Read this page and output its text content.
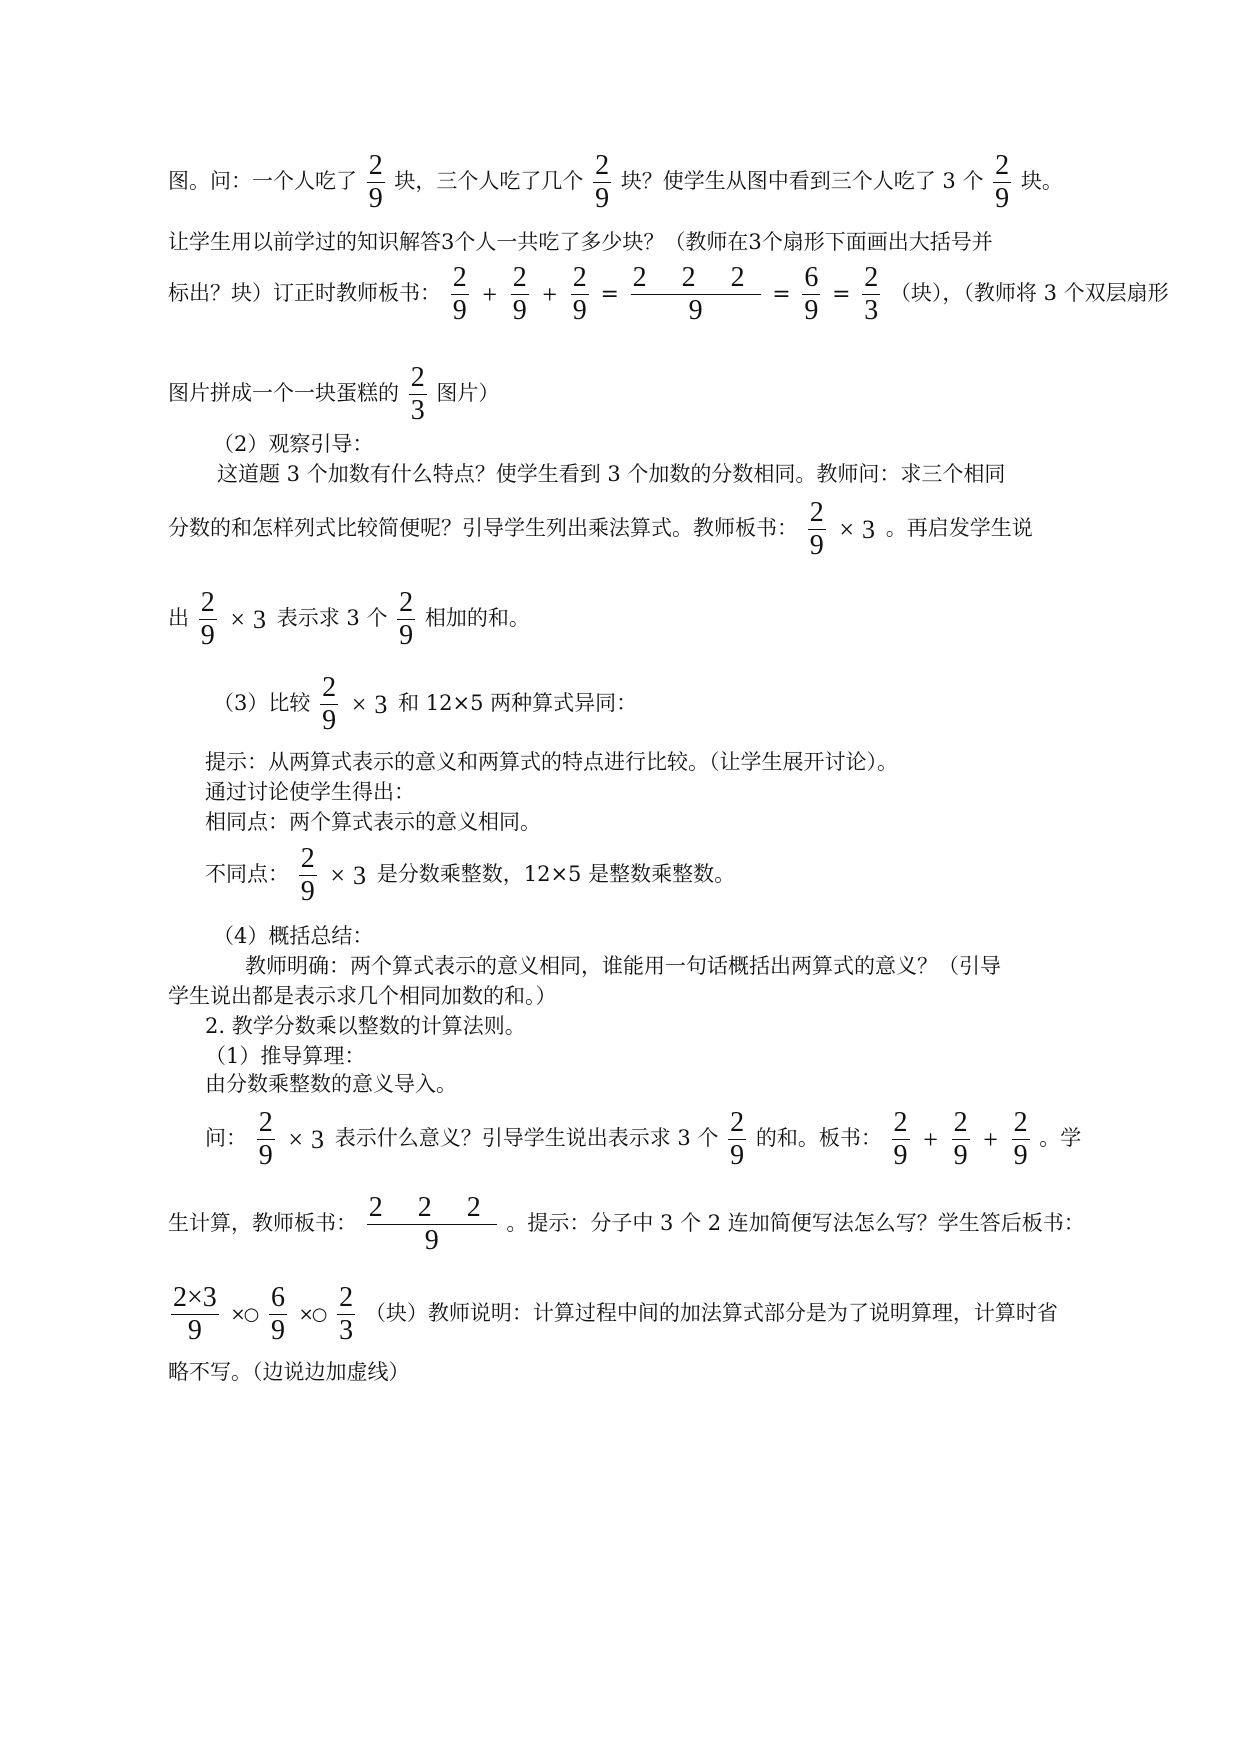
图。问：一个人吃了 $\frac{2}{9}$ 块，三个人吃了几个 $\frac{2}{9}$ 块？使学生从图中看到三个人吃了 3 个 $\frac{2}{9}$ 块。
让学生用以前学过的知识解答3个人一共吃了多少块？（教师在3个扇形下面画出大括号并
标出？块）订正时教师板书： $\frac{2}{9} + \frac{2}{9} + \frac{2}{9} = \frac{2 2 2}{9} = \frac{6}{9} = \frac{2}{3}$ （块），（教师将 3 个双层扇形
图片拼成一个一块蛋糕的 $\frac{2}{3}$ 图片）
（2）观察引导：
这道题 3 个加数有什么特点？使学生看到 3 个加数的分数相同。教师问：求三个相同
分数的和怎样列式比较简便呢？引导学生列出乘法算式。教师板书： $\frac{2}{9} \times 3$ 。再启发学生说
出 $\frac{2}{9} \times 3$ 表示求 3 个 $\frac{2}{9}$ 相加的和。
（3）比较 $\frac{2}{9} \times 3$ 和 12×5 两种算式异同：
提示：从两算式表示的意义和两算式的特点进行比较。（让学生展开讨论）。
通过讨论使学生得出：
相同点：两个算式表示的意义相同。
不同点： $\frac{2}{9} \times 3$ 是分数乘整数，12×5 是整数乘整数。
（4）概括总结：
教师明确：两个算式表示的意义相同，谁能用一句话概括出两算式的意义？（引导
学生说出都是表示求几个相同加数的和。）
2. 教学分数乘以整数的计算法则。
（1）推导算理：
由分数乘整数的意义导入。
问： $\frac{2}{9} \times 3$ 表示什么意义？引导学生说出表示求 3 个 $\frac{2}{9}$ 的和。板书： $\frac{2}{9} + \frac{2}{9} + \frac{2}{9}$ 。学
生计算，教师板书： $\frac{2 2 2}{9}$ 。提示：分子中 3 个 2 连加简便写法怎么写？学生答后板书：
$\frac{2\times 3}{9}$ ×○ $\frac{6}{9}$ ×○ $\frac{2}{3}$ （块）教师说明：计算过程中间的加法算式部分是为了说明算理，计算时省
略不写。（边说边加虚线）
